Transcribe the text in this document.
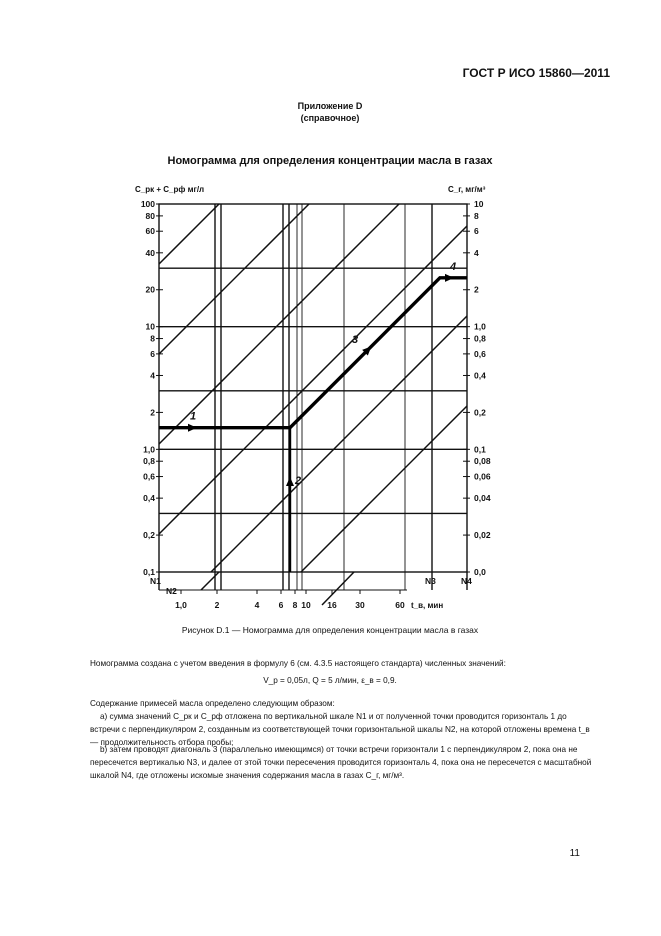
ГОСТ Р ИСО 15860—2011
Приложение D
(справочное)
Номограмма для определения концентрации масла в газах
100
80
60
40
20
10
8
6
4
2
1,0
0,8
0,6
0,4
0,2
0,1
10
8
6
4
2
1,0
0,8
0,6
0,4
0,2
0,1
0,08
0,06
0,04
0,02
0,0
1,0	2	4 6 8 10 16 30	60
C_рк + C_рф мг/л	C_г, мг/м³
t_в, мин
N1
N2
N3	N4
1
2
3
4
Рисунок D.1 — Номограмма для определения концентрации масла в газах
Номограмма создана с учетом введения в формулу 6 (см. 4.3.5 настоящего стандарта) численных значений:
V_р = 0,05л, Q = 5 л/мин, ε_в = 0,9.
Содержание примесей масла определено следующим образом:
а) сумма значений C_рк и C_рф отложена по вертикальной шкале N1 и от полученной точки проводится горизонталь 1 до встречи с перпендикуляром 2, созданным из соответствующей точки горизонтальной шкалы N2, на которой отложены времена t_в — продолжительность отбора пробы;
b) затем проводят диагональ 3 (параллельно имеющимся) от точки встречи горизонтали 1 с перпендикуляром 2, пока она не пересечется вертикалью N3, и далее от этой точки пересечения проводится горизонталь 4, пока она не пересечется с масштабной шкалой N4, где отложены искомые значения содержания масла в газах C_г, мг/м³.
11
